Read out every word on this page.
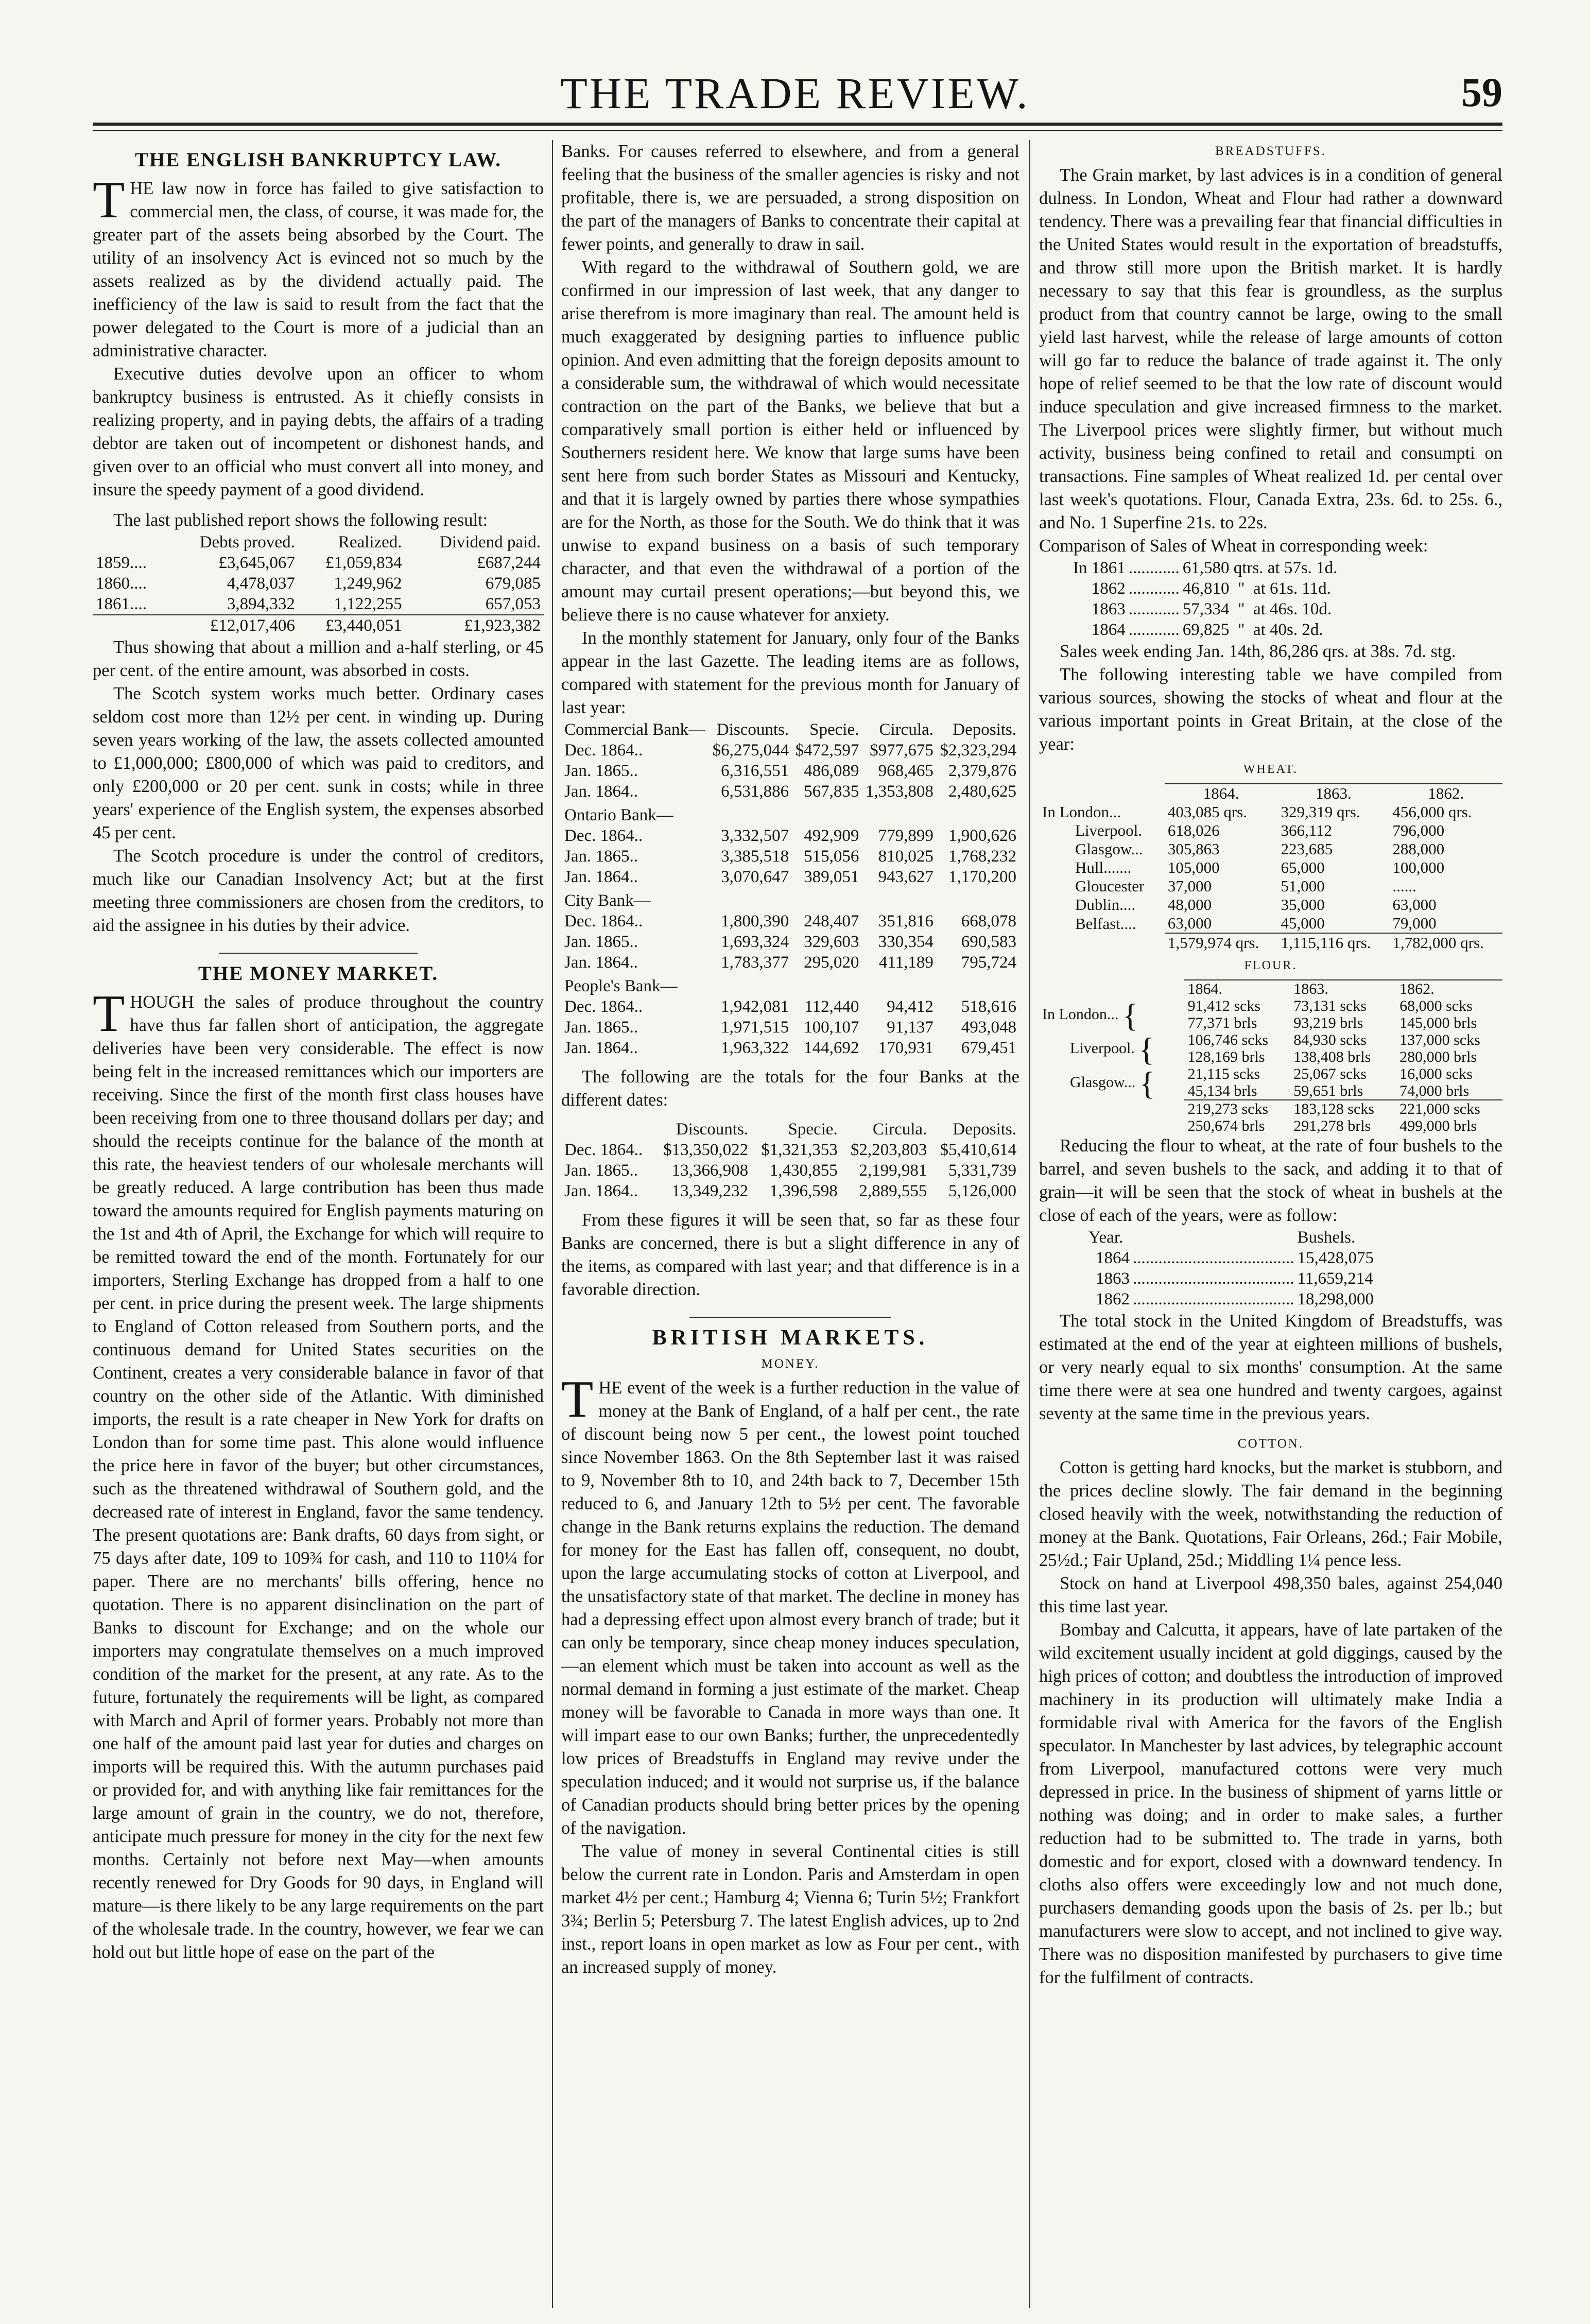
THE TRADE REVIEW.	59
THE ENGLISH BANKRUPTCY LAW.

THE law now in force has failed to give satisfaction to commercial men, the class, of course, it was made for, the greater part of the assets being absorbed by the Court. The utility of an insolvency Act is evinced not so much by the assets realized as by the dividend actually paid. The inefficiency of the law is said to result from the fact that the power delegated to the Court is more of a judicial than an administrative character.

Executive duties devolve upon an officer to whom bankruptcy business is entrusted. As it chiefly consists in realizing property, and in paying debts, the affairs of a trading debtor are taken out of incompetent or dishonest hands, and given over to an official who must convert all into money, and insure the speedy payment of a good dividend.

The last published report shows the following result:

	Debts proved.	Realized.	Dividend paid.
1859....	£3,645,067	£1,059,834	£687,244
1860....	4,478,037	1,249,962	679,085
1861....	3,894,332	1,122,255	657,053
	£12,017,406	£3,440,051	£1,923,382

Thus showing that about a million and a-half sterling, or 45 per cent. of the entire amount, was absorbed in costs.

The Scotch system works much better. Ordinary cases seldom cost more than 12½ per cent. in winding up. During seven years working of the law, the assets collected amounted to £1,000,000; £800,000 of which was paid to creditors, and only £200,000 or 20 per cent. sunk in costs; while in three years' experience of the English system, the expenses absorbed 45 per cent.

The Scotch procedure is under the control of creditors, much like our Canadian Insolvency Act; but at the first meeting three commissioners are chosen from the creditors, to aid the assignee in his duties by their advice.

THE MONEY MARKET.

THOUGH the sales of produce throughout the country have thus far fallen short of anticipation, the aggregate deliveries have been very considerable. The effect is now being felt in the increased remittances which our importers are receiving. Since the first of the month first class houses have been receiving from one to three thousand dollars per day; and should the receipts continue for the balance of the month at this rate, the heaviest tenders of our wholesale merchants will be greatly reduced. A large contribution has been thus made toward the amounts required for English payments maturing on the 1st and 4th of April, the Exchange for which will require to be remitted toward the end of the month. Fortunately for our importers, Sterling Exchange has dropped from a half to one per cent. in price during the present week. The large shipments to England of Cotton released from Southern ports, and the continuous demand for United States securities on the Continent, creates a very considerable balance in favor of that country on the other side of the Atlantic. With diminished imports, the result is a rate cheaper in New York for drafts on London than for some time past. This alone would influence the price here in favor of the buyer; but other circumstances, such as the threatened withdrawal of Southern gold, and the decreased rate of interest in England, favor the same tendency. The present quotations are: Bank drafts, 60 days from sight, or 75 days after date, 109 to 109¾ for cash, and 110 to 110¼ for paper. There are no merchants' bills offering, hence no quotation. There is no apparent disinclination on the part of Banks to discount for Exchange; and on the whole our importers may congratulate themselves on a much improved condition of the market for the present, at any rate. As to the future, fortunately the requirements will be light, as compared with March and April of former years. Probably not more than one half of the amount paid last year for duties and charges on imports will be required this. With the autumn purchases paid or provided for, and with anything like fair remittances for the large amount of grain in the country, we do not, therefore, anticipate much pressure for money in the city for the next few months. Certainly not before next May—when amounts recently renewed for Dry Goods for 90 days, in England will mature—is there likely to be any large requirements on the part of the wholesale trade. In the country, however, we fear we can hold out but little hope of ease on the part of the

Banks. For causes referred to elsewhere, and from a general feeling that the business of the smaller agencies is risky and not profitable, there is, we are persuaded, a strong disposition on the part of the managers of Banks to concentrate their capital at fewer points, and generally to draw in sail.

With regard to the withdrawal of Southern gold, we are confirmed in our impression of last week, that any danger to arise therefrom is more imaginary than real. The amount held is much exaggerated by designing parties to influence public opinion. And even admitting that the foreign deposits amount to a considerable sum, the withdrawal of which would necessitate contraction on the part of the Banks, we believe that but a comparatively small portion is either held or influenced by Southerners resident here. We know that large sums have been sent here from such border States as Missouri and Kentucky, and that it is largely owned by parties there whose sympathies are for the North, as those for the South. We do think that it was unwise to expand business on a basis of such temporary character, and that even the withdrawal of a portion of the amount may curtail present operations;—but beyond this, we believe there is no cause whatever for anxiety.

In the monthly statement for January, only four of the Banks appear in the last Gazette. The leading items are as follows, compared with statement for the previous month for January of last year:

Commercial Bank—	Discounts.	Specie.	Circula.	Deposits.
Dec. 1864..	$6,275,044	$472,597	$977,675	$2,323,294
Jan. 1865..	6,316,551	486,089	968,465	2,379,876
Jan. 1864..	6,531,886	567,835	1,353,808	2,480,625
Ontario Bank—				
Dec. 1864..	3,332,507	492,909	779,899	1,900,626
Jan. 1865..	3,385,518	515,056	810,025	1,768,232
Jan. 1864..	3,070,647	389,051	943,627	1,170,200
City Bank—				
Dec. 1864..	1,800,390	248,407	351,816	668,078
Jan. 1865..	1,693,324	329,603	330,354	690,583
Jan. 1864..	1,783,377	295,020	411,189	795,724
People's Bank—				
Dec. 1864..	1,942,081	112,440	94,412	518,616
Jan. 1865..	1,971,515	100,107	91,137	493,048
Jan. 1864..	1,963,322	144,692	170,931	679,451

The following are the totals for the four Banks at the different dates:

	Discounts.	Specie.	Circula.	Deposits.
Dec. 1864..	$13,350,022	$1,321,353	$2,203,803	$5,410,614
Jan. 1865..	13,366,908	1,430,855	2,199,981	5,331,739
Jan. 1864..	13,349,232	1,396,598	2,889,555	5,126,000

From these figures it will be seen that, so far as these four Banks are concerned, there is but a slight difference in any of the items, as compared with last year; and that difference is in a favorable direction.

BRITISH MARKETS.
MONEY.

THE event of the week is a further reduction in the value of money at the Bank of England, of a half per cent., the rate of discount being now 5 per cent., the lowest point touched since November 1863. On the 8th September last it was raised to 9, November 8th to 10, and 24th back to 7, December 15th reduced to 6, and January 12th to 5½ per cent. The favorable change in the Bank returns explains the reduction. The demand for money for the East has fallen off, consequent, no doubt, upon the large accumulating stocks of cotton at Liverpool, and the unsatisfactory state of that market. The decline in money has had a depressing effect upon almost every branch of trade; but it can only be temporary, since cheap money induces speculation,—an element which must be taken into account as well as the normal demand in forming a just estimate of the market. Cheap money will be favorable to Canada in more ways than one. It will impart ease to our own Banks; further, the unprecedentedly low prices of Breadstuffs in England may revive under the speculation induced; and it would not surprise us, if the balance of Canadian products should bring better prices by the opening of the navigation.

The value of money in several Continental cities is still below the current rate in London. Paris and Amsterdam in open market 4½ per cent.; Hamburg 4; Vienna 6; Turin 5½; Frankfort 3¾; Berlin 5; Petersburg 7. The latest English advices, up to 2nd inst., report loans in open market as low as Four per cent., with an increased supply of money.

BREADSTUFFS.

The Grain market, by last advices is in a condition of general dulness. In London, Wheat and Flour had rather a downward tendency. There was a prevailing fear that financial difficulties in the United States would result in the exportation of breadstuffs, and throw still more upon the British market. It is hardly necessary to say that this fear is groundless, as the surplus product from that country cannot be large, owing to the small yield last harvest, while the release of large amounts of cotton will go far to reduce the balance of trade against it. The only hope of relief seemed to be that the low rate of discount would induce speculation and give increased firmness to the market. The Liverpool prices were slightly firmer, but without much activity, business being confined to retail and consumpti on transactions. Fine samples of Wheat realized 1d. per cental over last week's quotations. Flour, Canada Extra, 23s. 6d. to 25s. 6., and No. 1 Superfine 21s. to 22s.

Comparison of Sales of Wheat in corresponding week:

In 1861	............	61,580 qtrs. at 57s. 1d.
1862	............	46,810  "  at 61s. 11d.
1863	............	57,334  "  at 46s. 10d.
1864	............	69,825  "  at 40s. 2d.

Sales week ending Jan. 14th, 86,286 qrs. at 38s. 7d. stg.

The following interesting table we have compiled from various sources, showing the stocks of wheat and flour at the various important points in Great Britain, at the close of the year:

WHEAT.
	1864.	1863.	1862.
In London...	403,085 qrs.	329,319 qrs.	456,000 qrs.
Liverpool.	618,026	366,112	796,000
Glasgow...	305,863	223,685	288,000
Hull.......	105,000	65,000	100,000
Gloucester	37,000	51,000	......
Dublin....	48,000	35,000	63,000
Belfast....	63,000	45,000	79,000
	1,579,974 qrs.	1,115,116 qrs.	1,782,000 qrs.
FLOUR.
	1864.	1863.	1862.
In London... {	91,412 scks	73,131 scks	68,000 scks
	77,371 brls	93,219 brls	145,000 brls
Liverpool. {	106,746 scks	84,930 scks	137,000 scks
	128,169 brls	138,408 brls	280,000 brls
Glasgow... {	21,115 scks	25,067 scks	16,000 scks
	45,134 brls	59,651 brls	74,000 brls
	219,273 scks	183,128 scks	221,000 scks
	250,674 brls	291,278 brls	499,000 brls

Reducing the flour to wheat, at the rate of four bushels to the barrel, and seven bushels to the sack, and adding it to that of grain—it will be seen that the stock of wheat in bushels at the close of each of the years, were as follow:

Year.		Bushels.
1864	......................................	15,428,075
1863	......................................	11,659,214
1862	......................................	18,298,000

The total stock in the United Kingdom of Breadstuffs, was estimated at the end of the year at eighteen millions of bushels, or very nearly equal to six months' consumption. At the same time there were at sea one hundred and twenty cargoes, against seventy at the same time in the previous years.

COTTON.

Cotton is getting hard knocks, but the market is stubborn, and the prices decline slowly. The fair demand in the beginning closed heavily with the week, notwithstanding the reduction of money at the Bank. Quotations, Fair Orleans, 26d.; Fair Mobile, 25½d.; Fair Upland, 25d.; Middling 1¼ pence less.

Stock on hand at Liverpool 498,350 bales, against 254,040 this time last year.

Bombay and Calcutta, it appears, have of late partaken of the wild excitement usually incident at gold diggings, caused by the high prices of cotton; and doubtless the introduction of improved machinery in its production will ultimately make India a formidable rival with America for the favors of the English speculator. In Manchester by last advices, by telegraphic account from Liverpool, manufactured cottons were very much depressed in price. In the business of shipment of yarns little or nothing was doing; and in order to make sales, a further reduction had to be submitted to. The trade in yarns, both domestic and for export, closed with a downward tendency. In cloths also offers were exceedingly low and not much done, purchasers demanding goods upon the basis of 2s. per lb.; but manufacturers were slow to accept, and not inclined to give way. There was no disposition manifested by purchasers to give time for the fulfilment of contracts.
